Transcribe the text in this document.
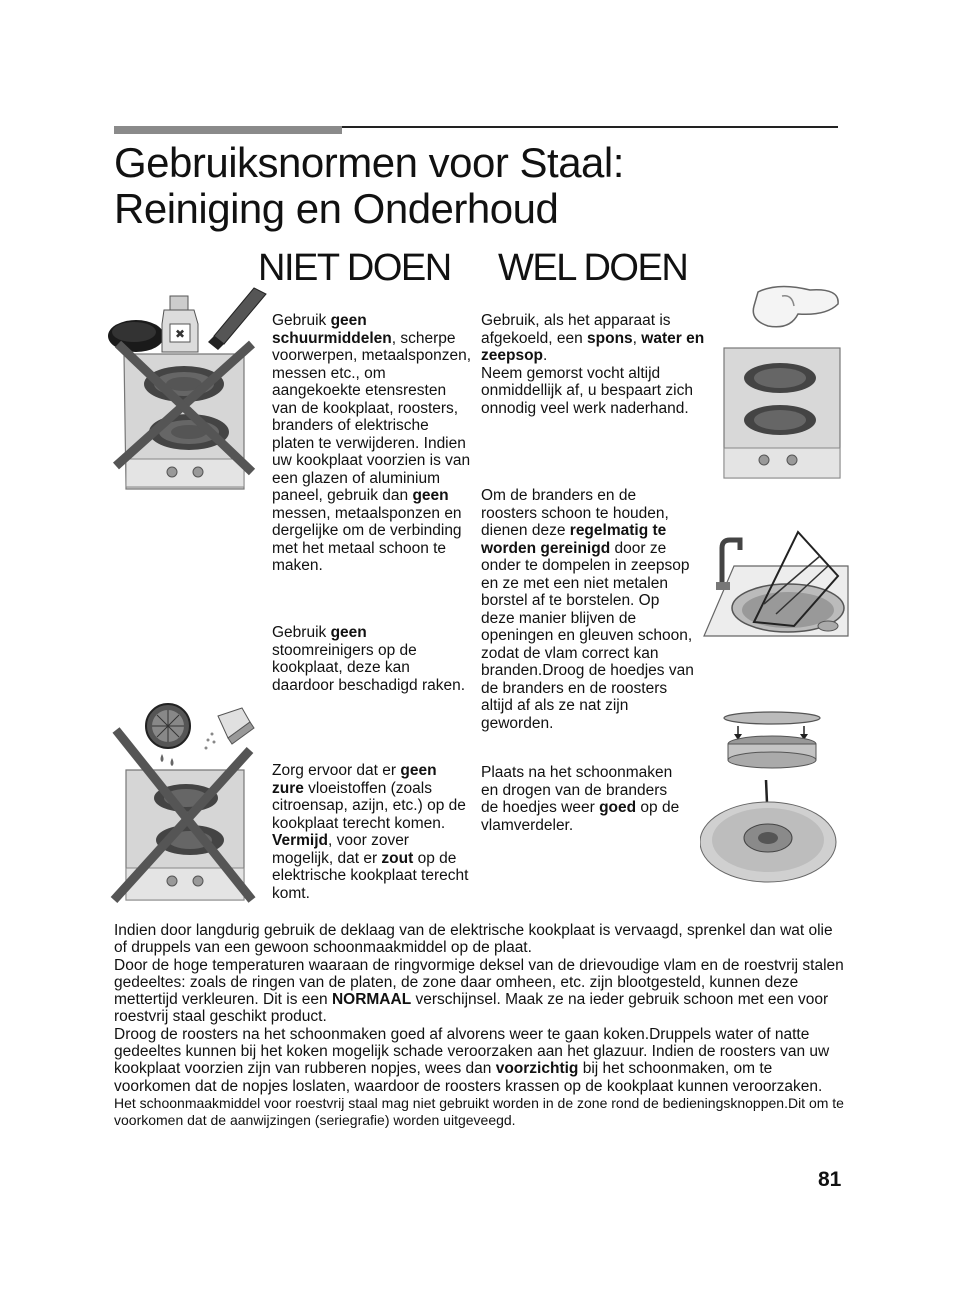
Gebruiksnormen voor Staal:
Reiniging en Onderhoud
NIET DOEN WEL DOEN

Gebruik geen schuurmiddelen, scherpe voorwerpen, metaalsponzen, messen etc., om aangekoekte etensresten van de kookplaat, roosters, branders of elektrische platen te verwijderen. Indien uw kookplaat voorzien is van een glazen of aluminium paneel, gebruik dan geen messen, metaalsponzen en dergelijke om de verbinding met het metaal schoon te maken.

Gebruik geen stoomreinigers op de kookplaat, deze kan daardoor beschadigd raken.

Zorg ervoor dat er geen zure vloeistoffen (zoals citroensap, azijn, etc.) op de kookplaat terecht komen. Vermijd, voor zover mogelijk, dat er zout op de elektrische kookplaat terecht komt.

Gebruik, als het apparaat is afgekoeld, een spons, water en zeepsop.

Neem gemorst vocht altijd onmiddellijk af, u bespaart zich onnodig veel werk naderhand.

Om de branders en de roosters schoon te houden, dienen deze regelmatig te worden gereinigd door ze onder te dompelen in zeepsop en ze met een niet metalen borstel af te borstelen. Op deze manier blijven de openingen en gleuven schoon, zodat de vlam correct kan branden.Droog de hoedjes van de branders en de roosters altijd af als ze nat zijn geworden.

Plaats na het schoonmaken en drogen van de branders de hoedjes weer goed op de vlamverdeler.

✖

Indien door langdurig gebruik de deklaag van de elektrische kookplaat is vervaagd, sprenkel dan wat olie of druppels van een gewoon schoonmaakmiddel op de plaat.

Door de hoge temperaturen waaraan de ringvormige deksel van de drievoudige vlam en de roestvrij stalen gedeeltes: zoals de ringen van de platen, de zone daar omheen, etc. zijn blootgesteld, kunnen deze mettertijd verkleuren. Dit is een NORMAAL verschijnsel. Maak ze na ieder gebruik schoon met een voor roestvrij staal geschikt product.

Droog de roosters na het schoonmaken goed af alvorens weer te gaan koken.Druppels water of natte gedeeltes kunnen bij het koken mogelijk schade veroorzaken aan het glazuur. Indien de roosters van uw kookplaat voorzien zijn van rubberen nopjes, wees dan voorzichtig bij het schoonmaken, om te voorkomen dat de nopjes loslaten, waardoor de roosters krassen op de kookplaat kunnen veroorzaken.

Het schoonmaakmiddel voor roestvrij staal mag niet gebruikt worden in de zone rond de bedieningsknoppen.Dit om te voorkomen dat de aanwijzingen (seriegrafie) worden uitgeveegd.

81
